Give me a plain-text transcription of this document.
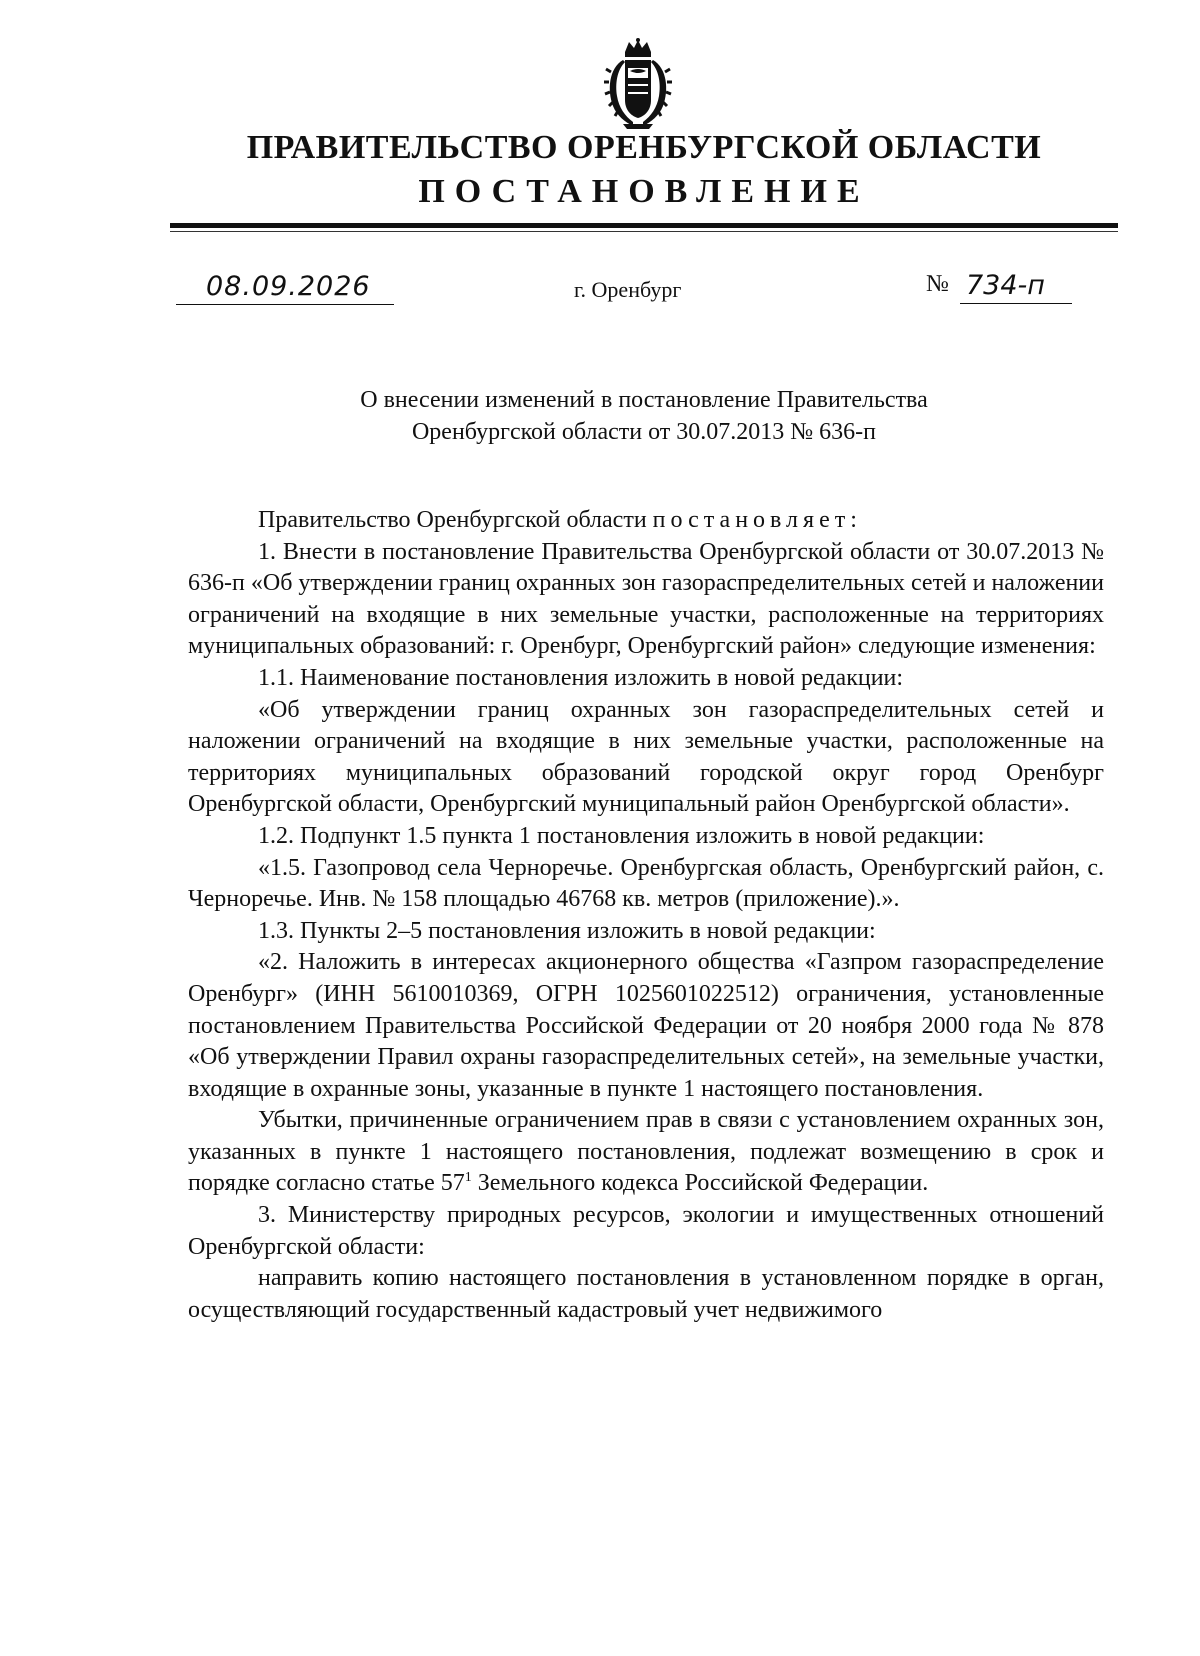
ПРАВИТЕЛЬСТВО ОРЕНБУРГСКОЙ ОБЛАСТИ
ПОСТАНОВЛЕНИЕ
08.09.2026	г. Оренбург	№ 734-п
О внесении изменений в постановление Правительства
Оренбургской области от 30.07.2013 № 636-п

Правительство Оренбургской области постановляет:

1. Внести в постановление Правительства Оренбургской области от 30.07.2013 № 636-п «Об утверждении границ охранных зон газораспределительных сетей и наложении ограничений на входящие в них земельные участки, расположенные на территориях муниципальных образований: г. Оренбург, Оренбургский район» следующие изменения:

1.1. Наименование постановления изложить в новой редакции:

«Об утверждении границ охранных зон газораспределительных сетей и наложении ограничений на входящие в них земельные участки, расположенные на территориях муниципальных образований городской округ город Оренбург Оренбургской области, Оренбургский муниципальный район Оренбургской области».

1.2. Подпункт 1.5 пункта 1 постановления изложить в новой редакции:

«1.5. Газопровод села Черноречье. Оренбургская область, Оренбургский район, с. Черноречье. Инв. № 158 площадью 46768 кв. метров (приложение).».

1.3. Пункты 2–5 постановления изложить в новой редакции:

«2. Наложить в интересах акционерного общества «Газпром газораспределение Оренбург» (ИНН 5610010369, ОГРН 1025601022512) ограничения, установленные постановлением Правительства Российской Федерации от 20 ноября 2000 года № 878 «Об утверждении Правил охраны газораспределительных сетей», на земельные участки, входящие в охранные зоны, указанные в пункте 1 настоящего постановления.

Убытки, причиненные ограничением прав в связи с установлением охранных зон, указанных в пункте 1 настоящего постановления, подлежат возмещению в срок и порядке согласно статье $57^1$ Земельного кодекса Российской Федерации.

3. Министерству природных ресурсов, экологии и имущественных отношений Оренбургской области:

направить копию настоящего постановления в установленном порядке в орган, осуществляющий государственный кадастровый учет недвижимого
